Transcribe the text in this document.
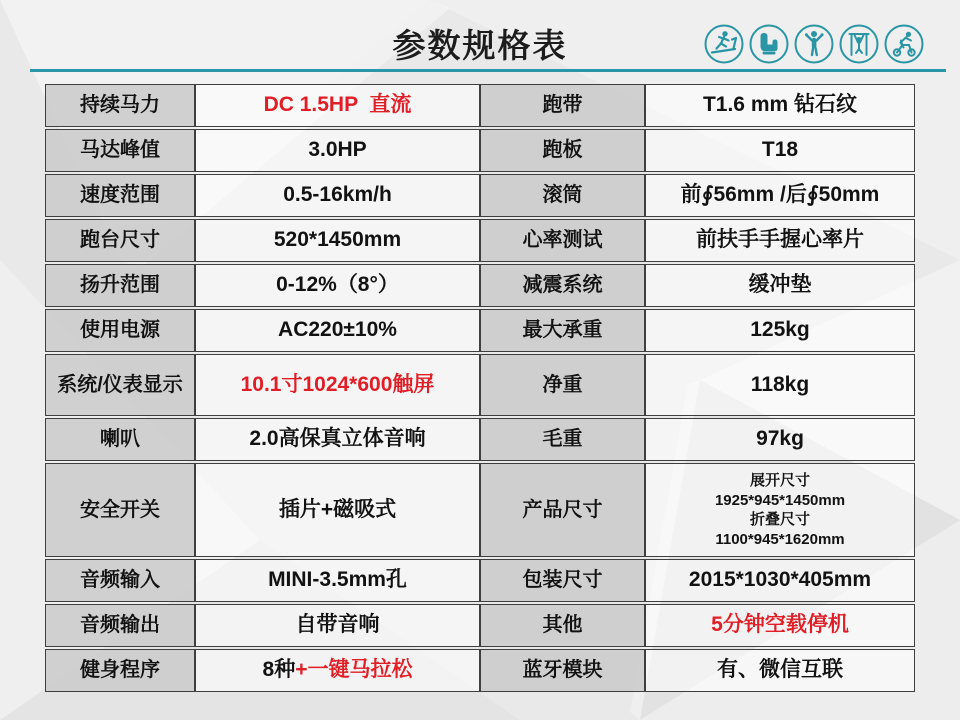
参数规格表
持续马力	DC 1.5HP  直流	跑带	T1.6 mm 钻石纹
马达峰值	3.0HP	跑板	T18
速度范围	0.5-16km/h	滚筒	前∮56mm /后∮50mm
跑台尺寸	520*1450mm	心率测试	前扶手手握心率片
扬升范围	0-12%（8°）	减震系统	缓冲垫
使用电源	AC220±10%	最大承重	125kg
系统/仪表显示	10.1寸1024*600触屏	净重	118kg
喇叭	2.0高保真立体音响	毛重	97kg
安全开关	插片+磁吸式	产品尺寸	展开尺寸
1925*945*1450mm
折叠尺寸
1100*945*1620mm

音频输入	MINI-3.5mm孔	包装尺寸	2015*1030*405mm
音频输出	自带音响	其他	5分钟空载停机
健身程序	8种+一键马拉松	蓝牙模块	有、微信互联
